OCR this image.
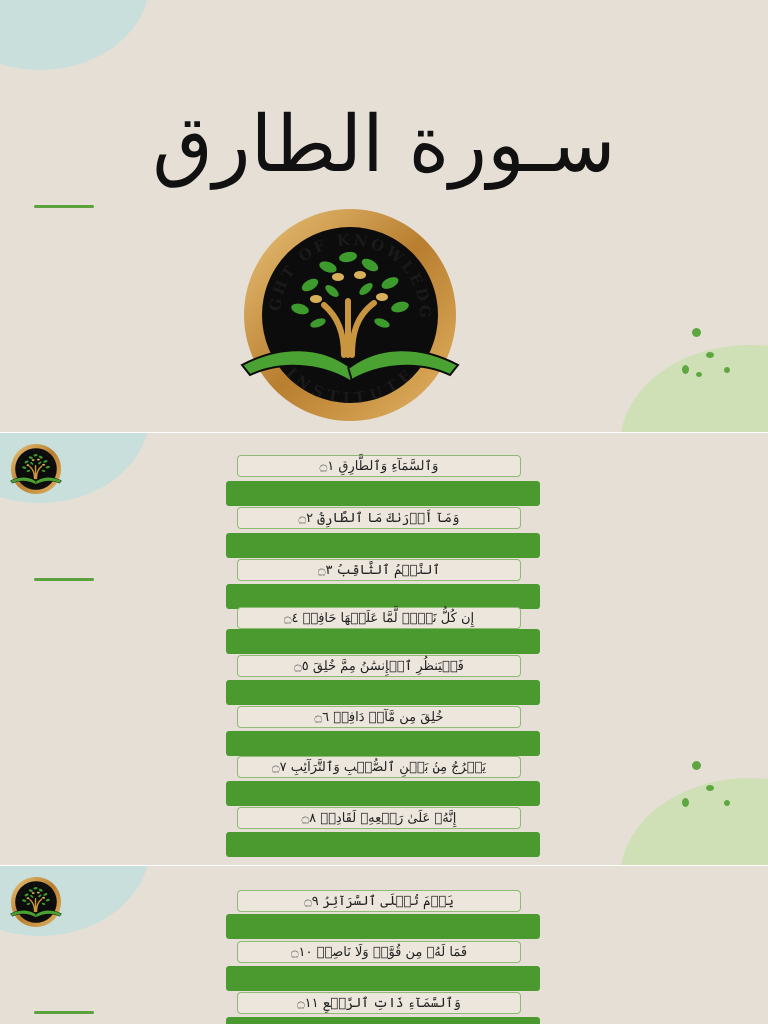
سـورة الطارق
وَٱلسَّمَآءِ وَٱلطَّارِقِ ۝١
وَمَآ أَدۡرَىٰكَ مَا ٱلطَّارِقُ ۝٢
ٱلنَّجۡمُ ٱلثَّاقِبُ ۝٣
إِن كُلُّ نَفۡسٖ لَّمَّا عَلَيۡهَا حَافِظٞ ۝٤
فَلۡيَنظُرِ ٱلۡإِنسَٰنُ مِمَّ خُلِقَ ۝٥
خُلِقَ مِن مَّآءٖ دَافِقٖ ۝٦
يَخۡرُجُ مِنۢ بَيۡنِ ٱلصُّلۡبِ وَٱلتَّرَآئِبِ ۝٧
إِنَّهُۥ عَلَىٰ رَجۡعِهِۦ لَقَادِرٞ ۝٨
يَوۡمَ تُبۡلَى ٱلسَّرَآئِرُ ۝٩
فَمَا لَهُۥ مِن قُوَّةٖ وَلَا نَاصِرٖ ۝١٠
وَٱلسَّمَآءِ ذَاتِ ٱلرَّجۡعِ ۝١١
